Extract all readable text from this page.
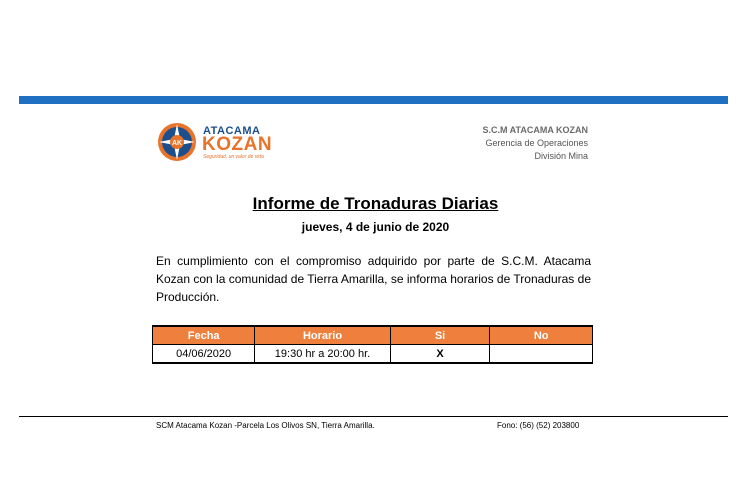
AK
ATACAMA
KOZAN
Seguridad, un valor de vida
S.C.M ATACAMA KOZAN
Gerencia de Operaciones
División Mina
Informe de Tronaduras Diarias
jueves, 4 de junio de 2020
En cumplimiento con el compromiso adquirido por parte de S.C.M. Atacama Kozan con la comunidad de Tierra Amarilla, se informa horarios de Tronaduras de Producción.
Fecha	Horario	Si	No
04/06/2020	19:30 hr a 20:00 hr.	X	
SCM Atacama Kozan -Parcela Los Olivos SN, Tierra Amarilla.	Fono: (56) (52) 203800
